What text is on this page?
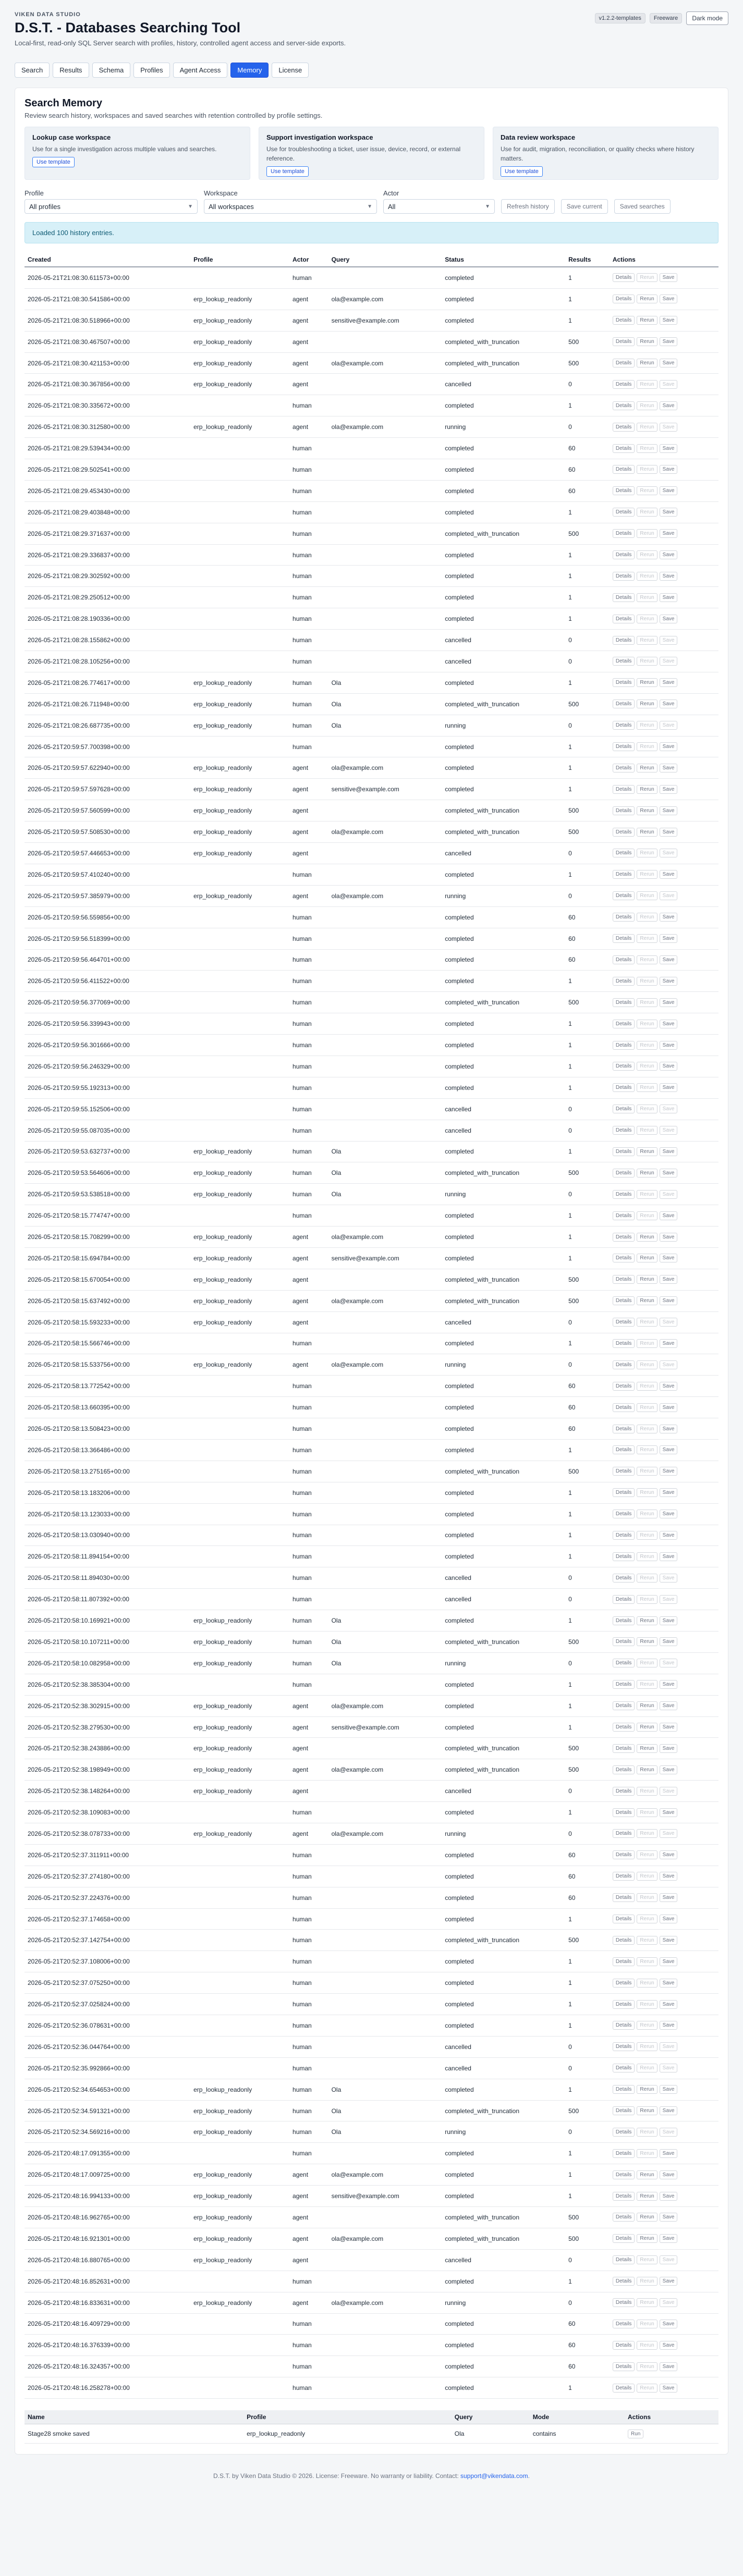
VIKEN DATA STUDIO
D.S.T. - Databases Searching Tool
Local-first, read-only SQL Server search with profiles, history, controlled agent access and server-side exports.
v1.2.2-templates	Freeware	Dark mode
Search	Results	Schema	Profiles	Agent Access	Memory	License
Search Memory
Review search history, workspaces and saved searches with retention controlled by profile settings.
Lookup case workspace
Use for a single investigation across multiple values and searches.
Use template
Support investigation workspace
Use for troubleshooting a ticket, user issue, device, record, or external reference.
Use template
Data review workspace
Use for audit, migration, reconciliation, or quality checks where history matters.
Use template
Profile
All profiles	▼
Workspace
All workspaces	▼
Actor
All	▼	Refresh history	Save current	Saved searches
Loaded 100 history entries.
Created	Profile	Actor	Query	Status	Results	Actions
2026-05-21T21:08:30.611573+00:00		human		completed	1	Details Rerun Save

2026-05-21T21:08:30.541586+00:00	erp_lookup_readonly	agent	ola@example.com	completed	1	Details Rerun Save

2026-05-21T21:08:30.518966+00:00	erp_lookup_readonly	agent	sensitive@example.com	completed	1	Details Rerun Save

2026-05-21T21:08:30.467507+00:00	erp_lookup_readonly	agent		completed_with_truncation	500	Details Rerun Save

2026-05-21T21:08:30.421153+00:00	erp_lookup_readonly	agent	ola@example.com	completed_with_truncation	500	Details Rerun Save

2026-05-21T21:08:30.367856+00:00	erp_lookup_readonly	agent		cancelled	0	Details Rerun Save

2026-05-21T21:08:30.335672+00:00		human		completed	1	Details Rerun Save

2026-05-21T21:08:30.312580+00:00	erp_lookup_readonly	agent	ola@example.com	running	0	Details Rerun Save

2026-05-21T21:08:29.539434+00:00		human		completed	60	Details Rerun Save

2026-05-21T21:08:29.502541+00:00		human		completed	60	Details Rerun Save

2026-05-21T21:08:29.453430+00:00		human		completed	60	Details Rerun Save

2026-05-21T21:08:29.403848+00:00		human		completed	1	Details Rerun Save

2026-05-21T21:08:29.371637+00:00		human		completed_with_truncation	500	Details Rerun Save

2026-05-21T21:08:29.336837+00:00		human		completed	1	Details Rerun Save

2026-05-21T21:08:29.302592+00:00		human		completed	1	Details Rerun Save

2026-05-21T21:08:29.250512+00:00		human		completed	1	Details Rerun Save

2026-05-21T21:08:28.190336+00:00		human		completed	1	Details Rerun Save

2026-05-21T21:08:28.155862+00:00		human		cancelled	0	Details Rerun Save

2026-05-21T21:08:28.105256+00:00		human		cancelled	0	Details Rerun Save

2026-05-21T21:08:26.774617+00:00	erp_lookup_readonly	human	Ola	completed	1	Details Rerun Save

2026-05-21T21:08:26.711948+00:00	erp_lookup_readonly	human	Ola	completed_with_truncation	500	Details Rerun Save

2026-05-21T21:08:26.687735+00:00	erp_lookup_readonly	human	Ola	running	0	Details Rerun Save

2026-05-21T20:59:57.700398+00:00		human		completed	1	Details Rerun Save

2026-05-21T20:59:57.622940+00:00	erp_lookup_readonly	agent	ola@example.com	completed	1	Details Rerun Save

2026-05-21T20:59:57.597628+00:00	erp_lookup_readonly	agent	sensitive@example.com	completed	1	Details Rerun Save

2026-05-21T20:59:57.560599+00:00	erp_lookup_readonly	agent		completed_with_truncation	500	Details Rerun Save

2026-05-21T20:59:57.508530+00:00	erp_lookup_readonly	agent	ola@example.com	completed_with_truncation	500	Details Rerun Save

2026-05-21T20:59:57.446653+00:00	erp_lookup_readonly	agent		cancelled	0	Details Rerun Save

2026-05-21T20:59:57.410240+00:00		human		completed	1	Details Rerun Save

2026-05-21T20:59:57.385979+00:00	erp_lookup_readonly	agent	ola@example.com	running	0	Details Rerun Save

2026-05-21T20:59:56.559856+00:00		human		completed	60	Details Rerun Save

2026-05-21T20:59:56.518399+00:00		human		completed	60	Details Rerun Save

2026-05-21T20:59:56.464701+00:00		human		completed	60	Details Rerun Save

2026-05-21T20:59:56.411522+00:00		human		completed	1	Details Rerun Save

2026-05-21T20:59:56.377069+00:00		human		completed_with_truncation	500	Details Rerun Save

2026-05-21T20:59:56.339943+00:00		human		completed	1	Details Rerun Save

2026-05-21T20:59:56.301666+00:00		human		completed	1	Details Rerun Save

2026-05-21T20:59:56.246329+00:00		human		completed	1	Details Rerun Save

2026-05-21T20:59:55.192313+00:00		human		completed	1	Details Rerun Save

2026-05-21T20:59:55.152506+00:00		human		cancelled	0	Details Rerun Save

2026-05-21T20:59:55.087035+00:00		human		cancelled	0	Details Rerun Save

2026-05-21T20:59:53.632737+00:00	erp_lookup_readonly	human	Ola	completed	1	Details Rerun Save

2026-05-21T20:59:53.564606+00:00	erp_lookup_readonly	human	Ola	completed_with_truncation	500	Details Rerun Save

2026-05-21T20:59:53.538518+00:00	erp_lookup_readonly	human	Ola	running	0	Details Rerun Save

2026-05-21T20:58:15.774747+00:00		human		completed	1	Details Rerun Save

2026-05-21T20:58:15.708299+00:00	erp_lookup_readonly	agent	ola@example.com	completed	1	Details Rerun Save

2026-05-21T20:58:15.694784+00:00	erp_lookup_readonly	agent	sensitive@example.com	completed	1	Details Rerun Save

2026-05-21T20:58:15.670054+00:00	erp_lookup_readonly	agent		completed_with_truncation	500	Details Rerun Save

2026-05-21T20:58:15.637492+00:00	erp_lookup_readonly	agent	ola@example.com	completed_with_truncation	500	Details Rerun Save

2026-05-21T20:58:15.593233+00:00	erp_lookup_readonly	agent		cancelled	0	Details Rerun Save

2026-05-21T20:58:15.566746+00:00		human		completed	1	Details Rerun Save

2026-05-21T20:58:15.533756+00:00	erp_lookup_readonly	agent	ola@example.com	running	0	Details Rerun Save

2026-05-21T20:58:13.772542+00:00		human		completed	60	Details Rerun Save

2026-05-21T20:58:13.660395+00:00		human		completed	60	Details Rerun Save

2026-05-21T20:58:13.508423+00:00		human		completed	60	Details Rerun Save

2026-05-21T20:58:13.366486+00:00		human		completed	1	Details Rerun Save

2026-05-21T20:58:13.275165+00:00		human		completed_with_truncation	500	Details Rerun Save

2026-05-21T20:58:13.183206+00:00		human		completed	1	Details Rerun Save

2026-05-21T20:58:13.123033+00:00		human		completed	1	Details Rerun Save

2026-05-21T20:58:13.030940+00:00		human		completed	1	Details Rerun Save

2026-05-21T20:58:11.894154+00:00		human		completed	1	Details Rerun Save

2026-05-21T20:58:11.894030+00:00		human		cancelled	0	Details Rerun Save

2026-05-21T20:58:11.807392+00:00		human		cancelled	0	Details Rerun Save

2026-05-21T20:58:10.169921+00:00	erp_lookup_readonly	human	Ola	completed	1	Details Rerun Save

2026-05-21T20:58:10.107211+00:00	erp_lookup_readonly	human	Ola	completed_with_truncation	500	Details Rerun Save

2026-05-21T20:58:10.082958+00:00	erp_lookup_readonly	human	Ola	running	0	Details Rerun Save

2026-05-21T20:52:38.385304+00:00		human		completed	1	Details Rerun Save

2026-05-21T20:52:38.302915+00:00	erp_lookup_readonly	agent	ola@example.com	completed	1	Details Rerun Save

2026-05-21T20:52:38.279530+00:00	erp_lookup_readonly	agent	sensitive@example.com	completed	1	Details Rerun Save

2026-05-21T20:52:38.243886+00:00	erp_lookup_readonly	agent		completed_with_truncation	500	Details Rerun Save

2026-05-21T20:52:38.198949+00:00	erp_lookup_readonly	agent	ola@example.com	completed_with_truncation	500	Details Rerun Save

2026-05-21T20:52:38.148264+00:00	erp_lookup_readonly	agent		cancelled	0	Details Rerun Save

2026-05-21T20:52:38.109083+00:00		human		completed	1	Details Rerun Save

2026-05-21T20:52:38.078733+00:00	erp_lookup_readonly	agent	ola@example.com	running	0	Details Rerun Save

2026-05-21T20:52:37.311911+00:00		human		completed	60	Details Rerun Save

2026-05-21T20:52:37.274180+00:00		human		completed	60	Details Rerun Save

2026-05-21T20:52:37.224376+00:00		human		completed	60	Details Rerun Save

2026-05-21T20:52:37.174658+00:00		human		completed	1	Details Rerun Save

2026-05-21T20:52:37.142754+00:00		human		completed_with_truncation	500	Details Rerun Save

2026-05-21T20:52:37.108006+00:00		human		completed	1	Details Rerun Save

2026-05-21T20:52:37.075250+00:00		human		completed	1	Details Rerun Save

2026-05-21T20:52:37.025824+00:00		human		completed	1	Details Rerun Save

2026-05-21T20:52:36.078631+00:00		human		completed	1	Details Rerun Save

2026-05-21T20:52:36.044764+00:00		human		cancelled	0	Details Rerun Save

2026-05-21T20:52:35.992866+00:00		human		cancelled	0	Details Rerun Save

2026-05-21T20:52:34.654653+00:00	erp_lookup_readonly	human	Ola	completed	1	Details Rerun Save

2026-05-21T20:52:34.591321+00:00	erp_lookup_readonly	human	Ola	completed_with_truncation	500	Details Rerun Save

2026-05-21T20:52:34.569216+00:00	erp_lookup_readonly	human	Ola	running	0	Details Rerun Save

2026-05-21T20:48:17.091355+00:00		human		completed	1	Details Rerun Save

2026-05-21T20:48:17.009725+00:00	erp_lookup_readonly	agent	ola@example.com	completed	1	Details Rerun Save

2026-05-21T20:48:16.994133+00:00	erp_lookup_readonly	agent	sensitive@example.com	completed	1	Details Rerun Save

2026-05-21T20:48:16.962765+00:00	erp_lookup_readonly	agent		completed_with_truncation	500	Details Rerun Save

2026-05-21T20:48:16.921301+00:00	erp_lookup_readonly	agent	ola@example.com	completed_with_truncation	500	Details Rerun Save

2026-05-21T20:48:16.880765+00:00	erp_lookup_readonly	agent		cancelled	0	Details Rerun Save

2026-05-21T20:48:16.852631+00:00		human		completed	1	Details Rerun Save

2026-05-21T20:48:16.833631+00:00	erp_lookup_readonly	agent	ola@example.com	running	0	Details Rerun Save

2026-05-21T20:48:16.409729+00:00		human		completed	60	Details Rerun Save

2026-05-21T20:48:16.376339+00:00		human		completed	60	Details Rerun Save

2026-05-21T20:48:16.324357+00:00		human		completed	60	Details Rerun Save

2026-05-21T20:48:16.258278+00:00		human		completed	1	Details Rerun Save
Name	Profile	Query	Mode	Actions
Stage28 smoke saved	erp_lookup_readonly	Ola	contains	Run
D.S.T. by Viken Data Studio © 2026. License: Freeware. No warranty or liability. Contact: support@vikendata.com.
